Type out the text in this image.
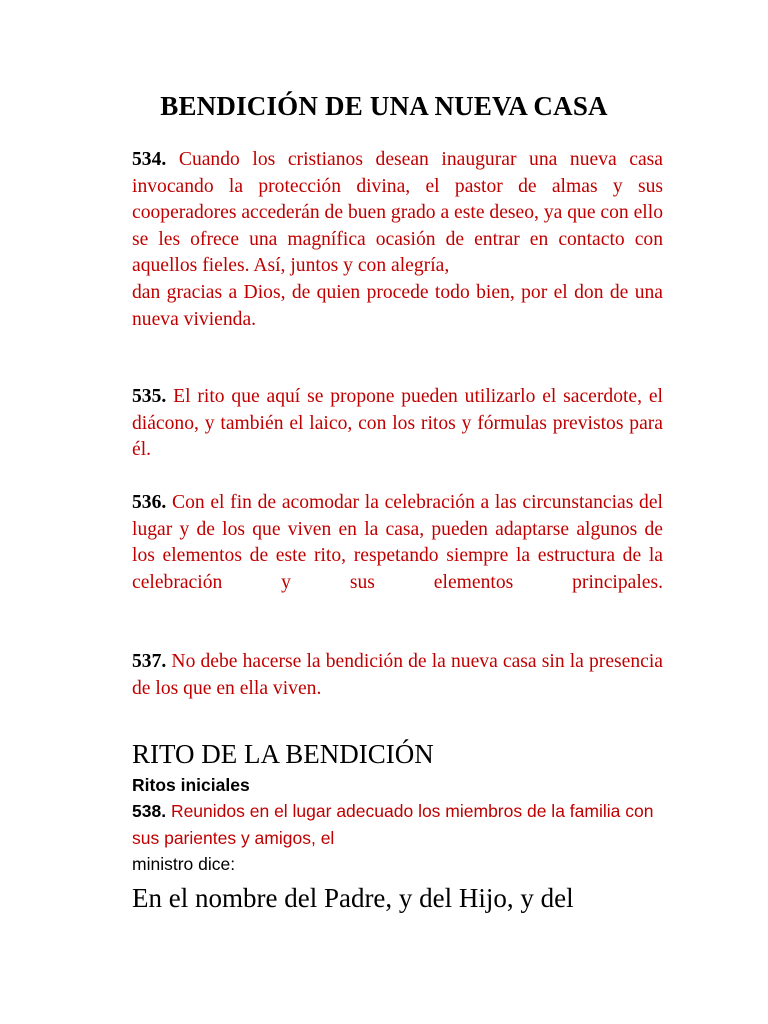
BENDICIÓN DE UNA NUEVA CASA
534. Cuando los cristianos desean inaugurar una nueva casa invocando la protección divina, el pastor de almas y sus cooperadores accederán de buen grado a este deseo, ya que con ello se les ofrece una magnífica ocasión de entrar en contacto con aquellos fieles. Así, juntos y con alegría,
dan gracias a Dios, de quien procede todo bien, por el don de una nueva vivienda.
535. El rito que aquí se propone pueden utilizarlo el sacerdote, el diácono, y también el laico, con los ritos y fórmulas previstos para él.
536. Con el fin de acomodar la celebración a las circunstancias del lugar y de los que viven en la casa, pueden adaptarse algunos de los elementos de este rito, respetando siempre la estructura de la celebración y sus elementos principales.
537. No debe hacerse la bendición de la nueva casa sin la presencia de los que en ella viven.
RITO DE LA BENDICIÓN
Ritos iniciales
538. Reunidos en el lugar adecuado los miembros de la familia con sus parientes y amigos, el
ministro dice:
En el nombre del Padre, y del Hijo, y del
